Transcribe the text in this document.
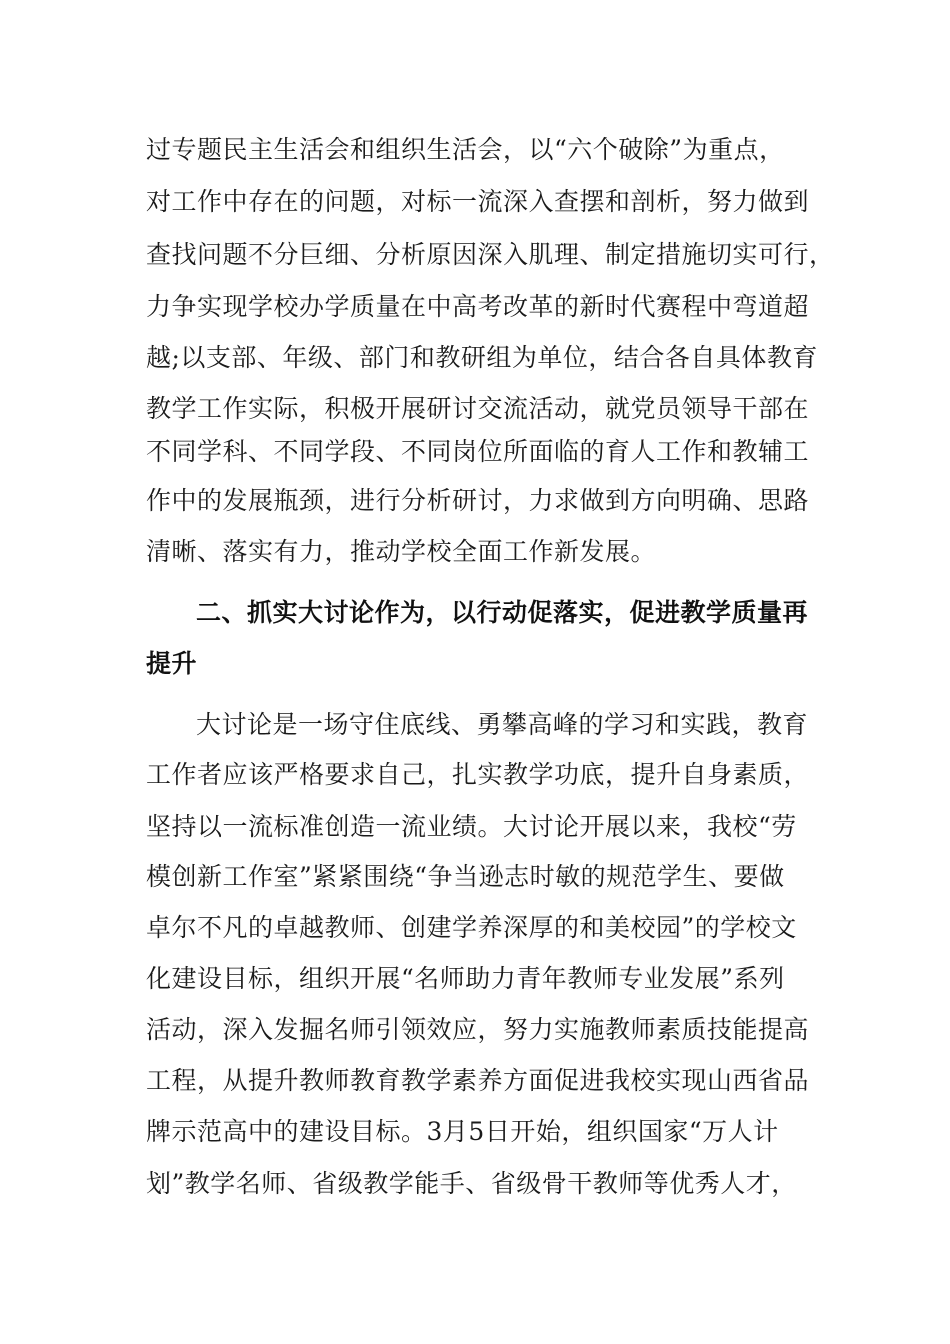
过专题民主生活会和组织生活会，以“六个破除”为重点，
对工作中存在的问题，对标一流深入查摆和剖析，努力做到
查找问题不分巨细、分析原因深入肌理、制定措施切实可行，
力争实现学校办学质量在中高考改革的新时代赛程中弯道超
越;以支部、年级、部门和教研组为单位，结合各自具体教育
教学工作实际，积极开展研讨交流活动，就党员领导干部在
不同学科、不同学段、不同岗位所面临的育人工作和教辅工
作中的发展瓶颈，进行分析研讨，力求做到方向明确、思路
清晰、落实有力，推动学校全面工作新发展。
二、抓实大讨论作为，以行动促落实，促进教学质量再
提升
大讨论是一场守住底线、勇攀高峰的学习和实践，教育
工作者应该严格要求自己，扎实教学功底，提升自身素质，
坚持以一流标准创造一流业绩。大讨论开展以来，我校“劳
模创新工作室”紧紧围绕“争当逊志时敏的规范学生、要做
卓尔不凡的卓越教师、创建学养深厚的和美校园”的学校文
化建设目标，组织开展“名师助力青年教师专业发展”系列
活动，深入发掘名师引领效应，努力实施教师素质技能提高
工程，从提升教师教育教学素养方面促进我校实现山西省品
牌示范高中的建设目标。3月5日开始，组织国家“万人计
划”教学名师、省级教学能手、省级骨干教师等优秀人才，
